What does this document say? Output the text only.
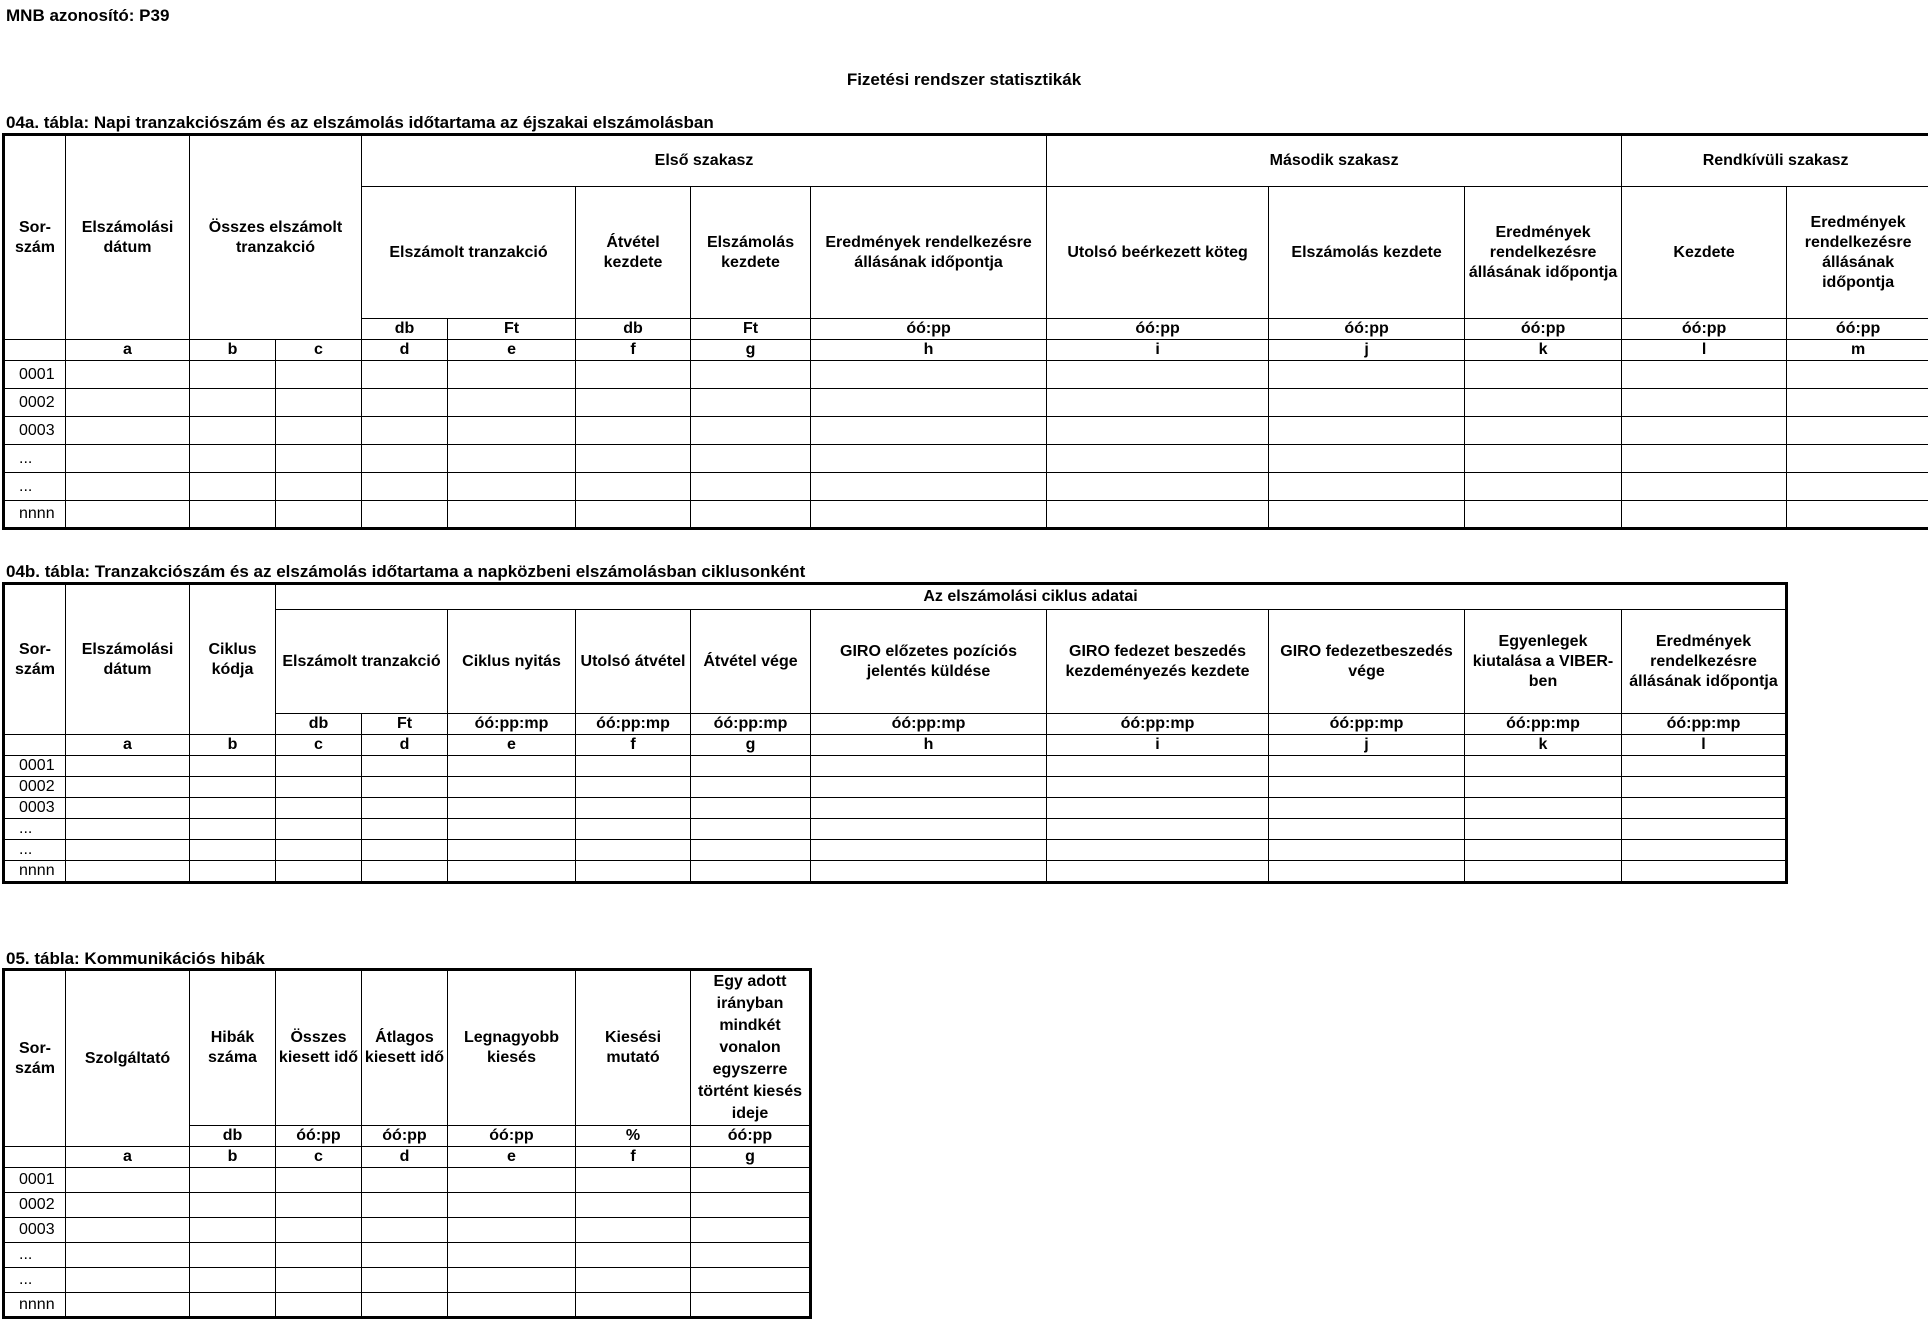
MNB azonosító: P39
Fizetési rendszer statisztikák
04a. tábla: Napi tranzakciószám és az elszámolás időtartama az éjszakai elszámolásban
Sor-szám	Elszámolási dátum	Összes elszámolt tranzakció		Első szakasz					Második szakasz			Rendkívüli szakasz		
				Elszámolt tranzakció		Átvétel kezdete	Elszámolás kezdete	Eredmények rendelkezésre állásának időpontja	Utolsó beérkezett köteg	Elszámolás kezdete	Eredmények rendelkezésre állásának időpontja	Kezdete	Eredmények rendelkezésre állásának időpontja	
				db	Ft	db	Ft	óó:pp	óó:pp	óó:pp	óó:pp	óó:pp	óó:pp		
	a	b	c	d	e	f	g	h	i	j	k	l	m	
0001														
0002														
0003														
...														
...														
nnnn														
04b. tábla: Tranzakciószám és az elszámolás időtartama a napközbeni elszámolásban ciklusonként
Sor-szám	Elszámolási dátum	Ciklus kódja	Az elszámolási ciklus adatai									
			Elszámolt tranzakció		Ciklus nyitás	Utolsó átvétel	Átvétel vége	GIRO előzetes pozíciós jelentés küldése	GIRO fedezet beszedés kezdeményezés kezdete	GIRO fedezetbeszedés vége	Egyenlegek kiutalása a VIBER-ben	Eredmények rendelkezésre állásának időpontja
			db	Ft	óó:pp:mp	óó:pp:mp	óó:pp:mp	óó:pp:mp	óó:pp:mp	óó:pp:mp	óó:pp:mp	óó:pp:mp
	a	b	c	d	e	f	g	h	i	j	k	l
0001												
0002												
0003												
...												
...												
nnnn												
05. tábla: Kommunikációs hibák
Sor-szám	Szolgáltató	Hibák száma	Összes kiesett idő	Átlagos kiesett idő	Legnagyobb kiesés	Kiesési mutató	Egy adott irányban mindkét vonalon egyszerre történt kiesés ideje
		db	óó:pp	óó:pp	óó:pp	%	óó:pp
	a	b	c	d	e	f	g
0001							
0002							
0003							
...							
...							
nnnn							
